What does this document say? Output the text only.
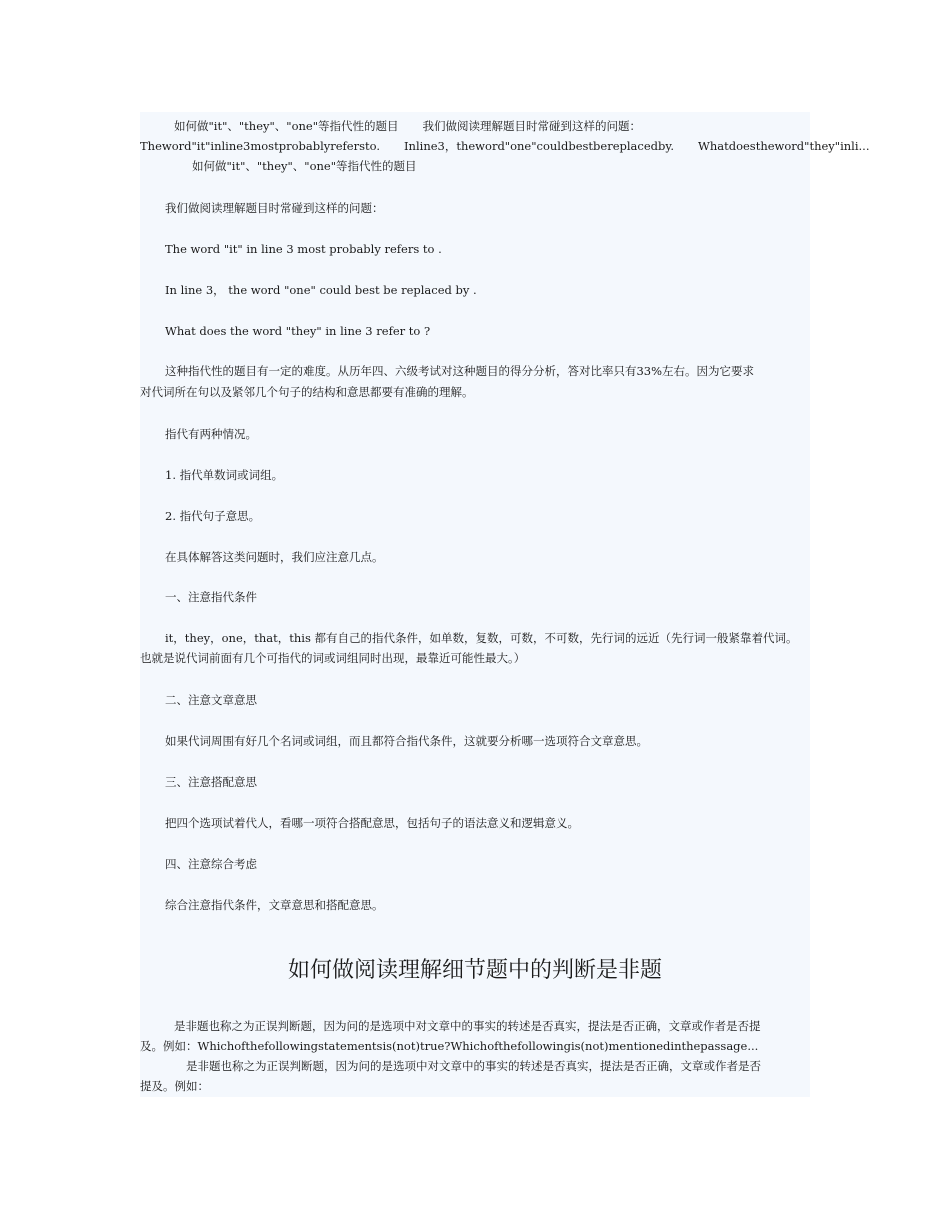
如何做"it"、"they"、"one"等指代性的题目 我们做阅读理解题目时常碰到这样的问题：
Theword"it"inline3mostprobablyrefersto. Inline3，theword"one"couldbestbereplacedby. Whatdoestheword"they"inli...
如何做"it"、"they"、"one"等指代性的题目
我们做阅读理解题目时常碰到这样的问题：
The word "it" in line 3 most probably refers to .
In line 3， the word "one" could best be replaced by .
What does the word "they" in line 3 refer to ?
这种指代性的题目有一定的难度。从历年四、六级考试对这种题目的得分分析，答对比率只有33%左右。因为它要求
对代词所在句以及紧邻几个句子的结构和意思都要有准确的理解。
指代有两种情况。
1. 指代单数词或词组。
2. 指代句子意思。
在具体解答这类问题时，我们应注意几点。
一、注意指代条件
it，they，one，that，this 都有自己的指代条件，如单数，复数，可数，不可数，先行词的远近（先行词一般紧靠着代词。
也就是说代词前面有几个可指代的词或词组同时出现，最靠近可能性最大。）
二、注意文章意思
如果代词周围有好几个名词或词组，而且都符合指代条件，这就要分析哪一选项符合文章意思。
三、注意搭配意思
把四个选项试着代人，看哪一项符合搭配意思，包括句子的语法意义和逻辑意义。
四、注意综合考虑
综合注意指代条件，文章意思和搭配意思。
如何做阅读理解细节题中的判断是非题
是非题也称之为正误判断题，因为问的是选项中对文章中的事实的转述是否真实，提法是否正确，文章或作者是否提
及。例如：Whichofthefollowingstatementsis(not)true?Whichofthefollowingis(not)mentionedinthepassage...
是非题也称之为正误判断题，因为问的是选项中对文章中的事实的转述是否真实，提法是否正确，文章或作者是否
提及。例如：
